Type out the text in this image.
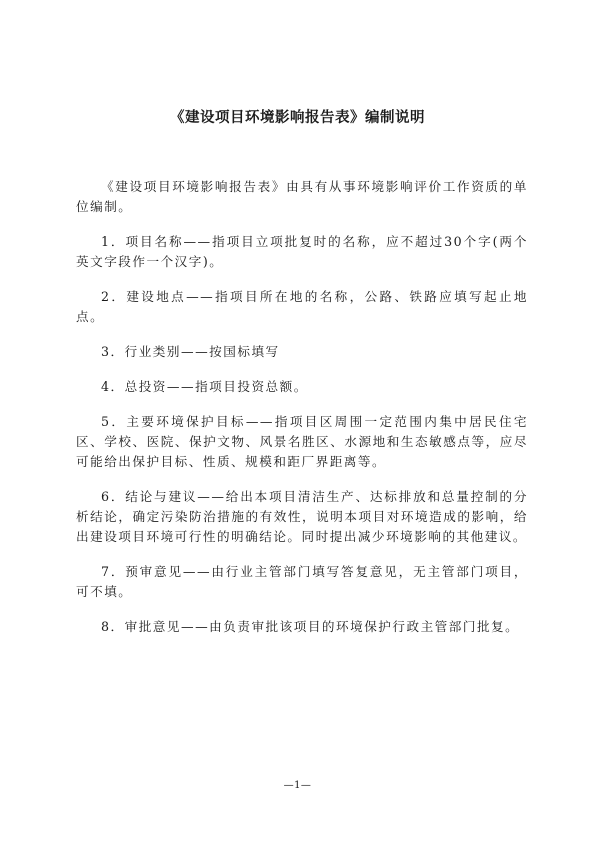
《建设项目环境影响报告表》编制说明

《建设项目环境影响报告表》由具有从事环境影响评价工作资质的单位编制。

1．项目名称——指项目立项批复时的名称，应不超过30个字(两个英文字段作一个汉字)。

2．建设地点——指项目所在地的名称，公路、铁路应填写起止地点。

3．行业类别——按国标填写

4．总投资——指项目投资总额。

5．主要环境保护目标——指项目区周围一定范围内集中居民住宅区、学校、医院、保护文物、风景名胜区、水源地和生态敏感点等，应尽可能给出保护目标、性质、规模和距厂界距离等。

6．结论与建议——给出本项目清洁生产、达标排放和总量控制的分析结论，确定污染防治措施的有效性，说明本项目对环境造成的影响，给出建设项目环境可行性的明确结论。同时提出减少环境影响的其他建议。

7．预审意见——由行业主管部门填写答复意见，无主管部门项目，可不填。

8．审批意见——由负责审批该项目的环境保护行政主管部门批复。

—1—
